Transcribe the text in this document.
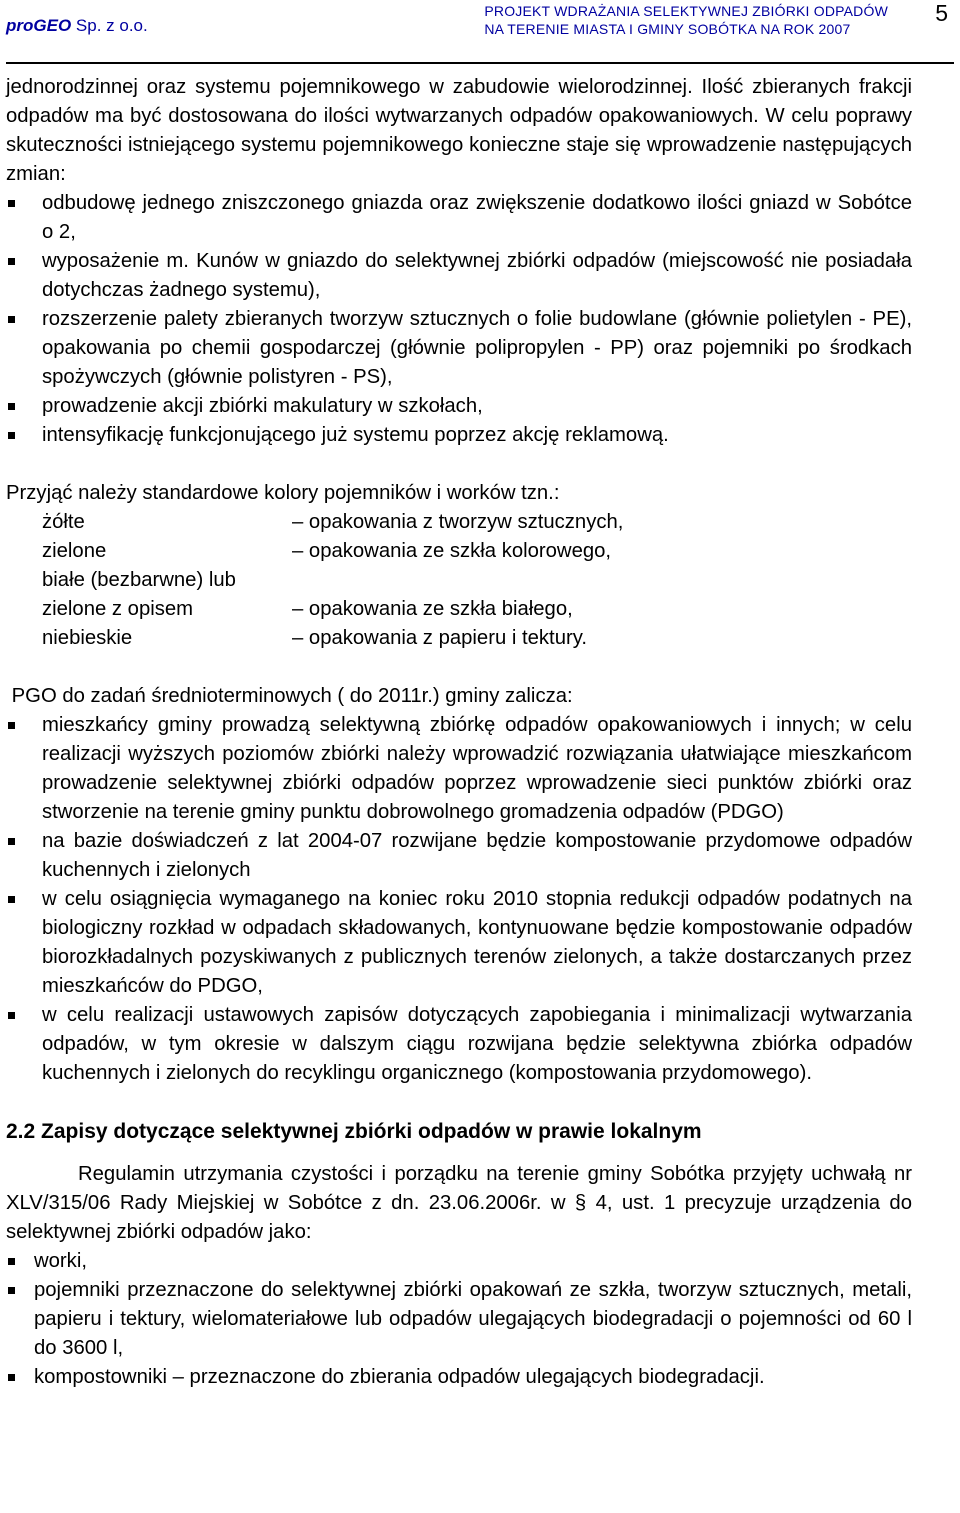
proGEO Sp. z o.o.
PROJEKT WDRAŻANIA SELEKTYWNEJ ZBIÓRKI ODPADÓW
NA TERENIE MIASTA I GMINY SOBÓTKA NA ROK 2007
5

jednorodzinnej oraz systemu pojemnikowego w zabudowie wielorodzinnej. Ilość zbieranych frakcji odpadów ma być dostosowana do ilości wytwarzanych odpadów opakowaniowych. W celu poprawy skuteczności istniejącego systemu pojemnikowego konieczne staje się wprowadzenie następujących zmian:

odbudowę jednego zniszczonego gniazda oraz zwiększenie dodatkowo ilości gniazd w Sobótce o 2,
wyposażenie m. Kunów w gniazdo do selektywnej zbiórki odpadów (miejscowość nie posiadała dotychczas żadnego systemu),
rozszerzenie palety zbieranych tworzyw sztucznych o folie budowlane (głównie polietylen - PE), opakowania po chemii gospodarczej (głównie polipropylen - PP) oraz pojemniki po środkach spożywczych (głównie polistyren - PS),
prowadzenie akcji zbiórki makulatury w szkołach,
intensyfikację funkcjonującego już systemu poprzez akcję reklamową.

Przyjąć należy standardowe kolory pojemników i worków tzn.:

żółte	– opakowania z tworzyw sztucznych,
zielone	– opakowania ze szkła kolorowego,
białe (bezbarwne) lub
zielone z opisem	– opakowania ze szkła białego,
niebieskie	– opakowania z papieru i tektury.

PGO do zadań średnioterminowych ( do 2011r.) gminy zalicza:

mieszkańcy gminy prowadzą selektywną zbiórkę odpadów opakowaniowych i innych; w celu realizacji wyższych poziomów zbiórki należy wprowadzić rozwiązania ułatwiające mieszkańcom prowadzenie selektywnej zbiórki odpadów poprzez wprowadzenie sieci punktów zbiórki oraz stworzenie na terenie gminy punktu dobrowolnego gromadzenia odpadów (PDGO)
na bazie doświadczeń z lat 2004-07 rozwijane będzie kompostowanie przydomowe odpadów kuchennych i zielonych
w celu osiągnięcia wymaganego na koniec roku 2010 stopnia redukcji odpadów podatnych na biologiczny rozkład w odpadach składowanych, kontynuowane będzie kompostowanie odpadów biorozkładalnych pozyskiwanych z publicznych terenów zielonych, a także dostarczanych przez mieszkańców do PDGO,
w celu realizacji ustawowych zapisów dotyczących zapobiegania i minimalizacji wytwarzania odpadów, w tym okresie w dalszym ciągu rozwijana będzie selektywna zbiórka odpadów kuchennych i zielonych do recyklingu organicznego (kompostowania przydomowego).
2.2 Zapisy dotyczące selektywnej zbiórki odpadów w prawie lokalnym

Regulamin utrzymania czystości i porządku na terenie gminy Sobótka przyjęty uchwałą nr XLV/315/06 Rady Miejskiej w Sobótce z dn. 23.06.2006r. w § 4, ust. 1 precyzuje urządzenia do selektywnej zbiórki odpadów jako:

worki,
pojemniki przeznaczone do selektywnej zbiórki opakowań ze szkła, tworzyw sztucznych, metali, papieru i tektury, wielomateriałowe lub odpadów ulegających biodegradacji o pojemności od 60 l do 3600 l,
kompostowniki – przeznaczone do zbierania odpadów ulegających biodegradacji.
